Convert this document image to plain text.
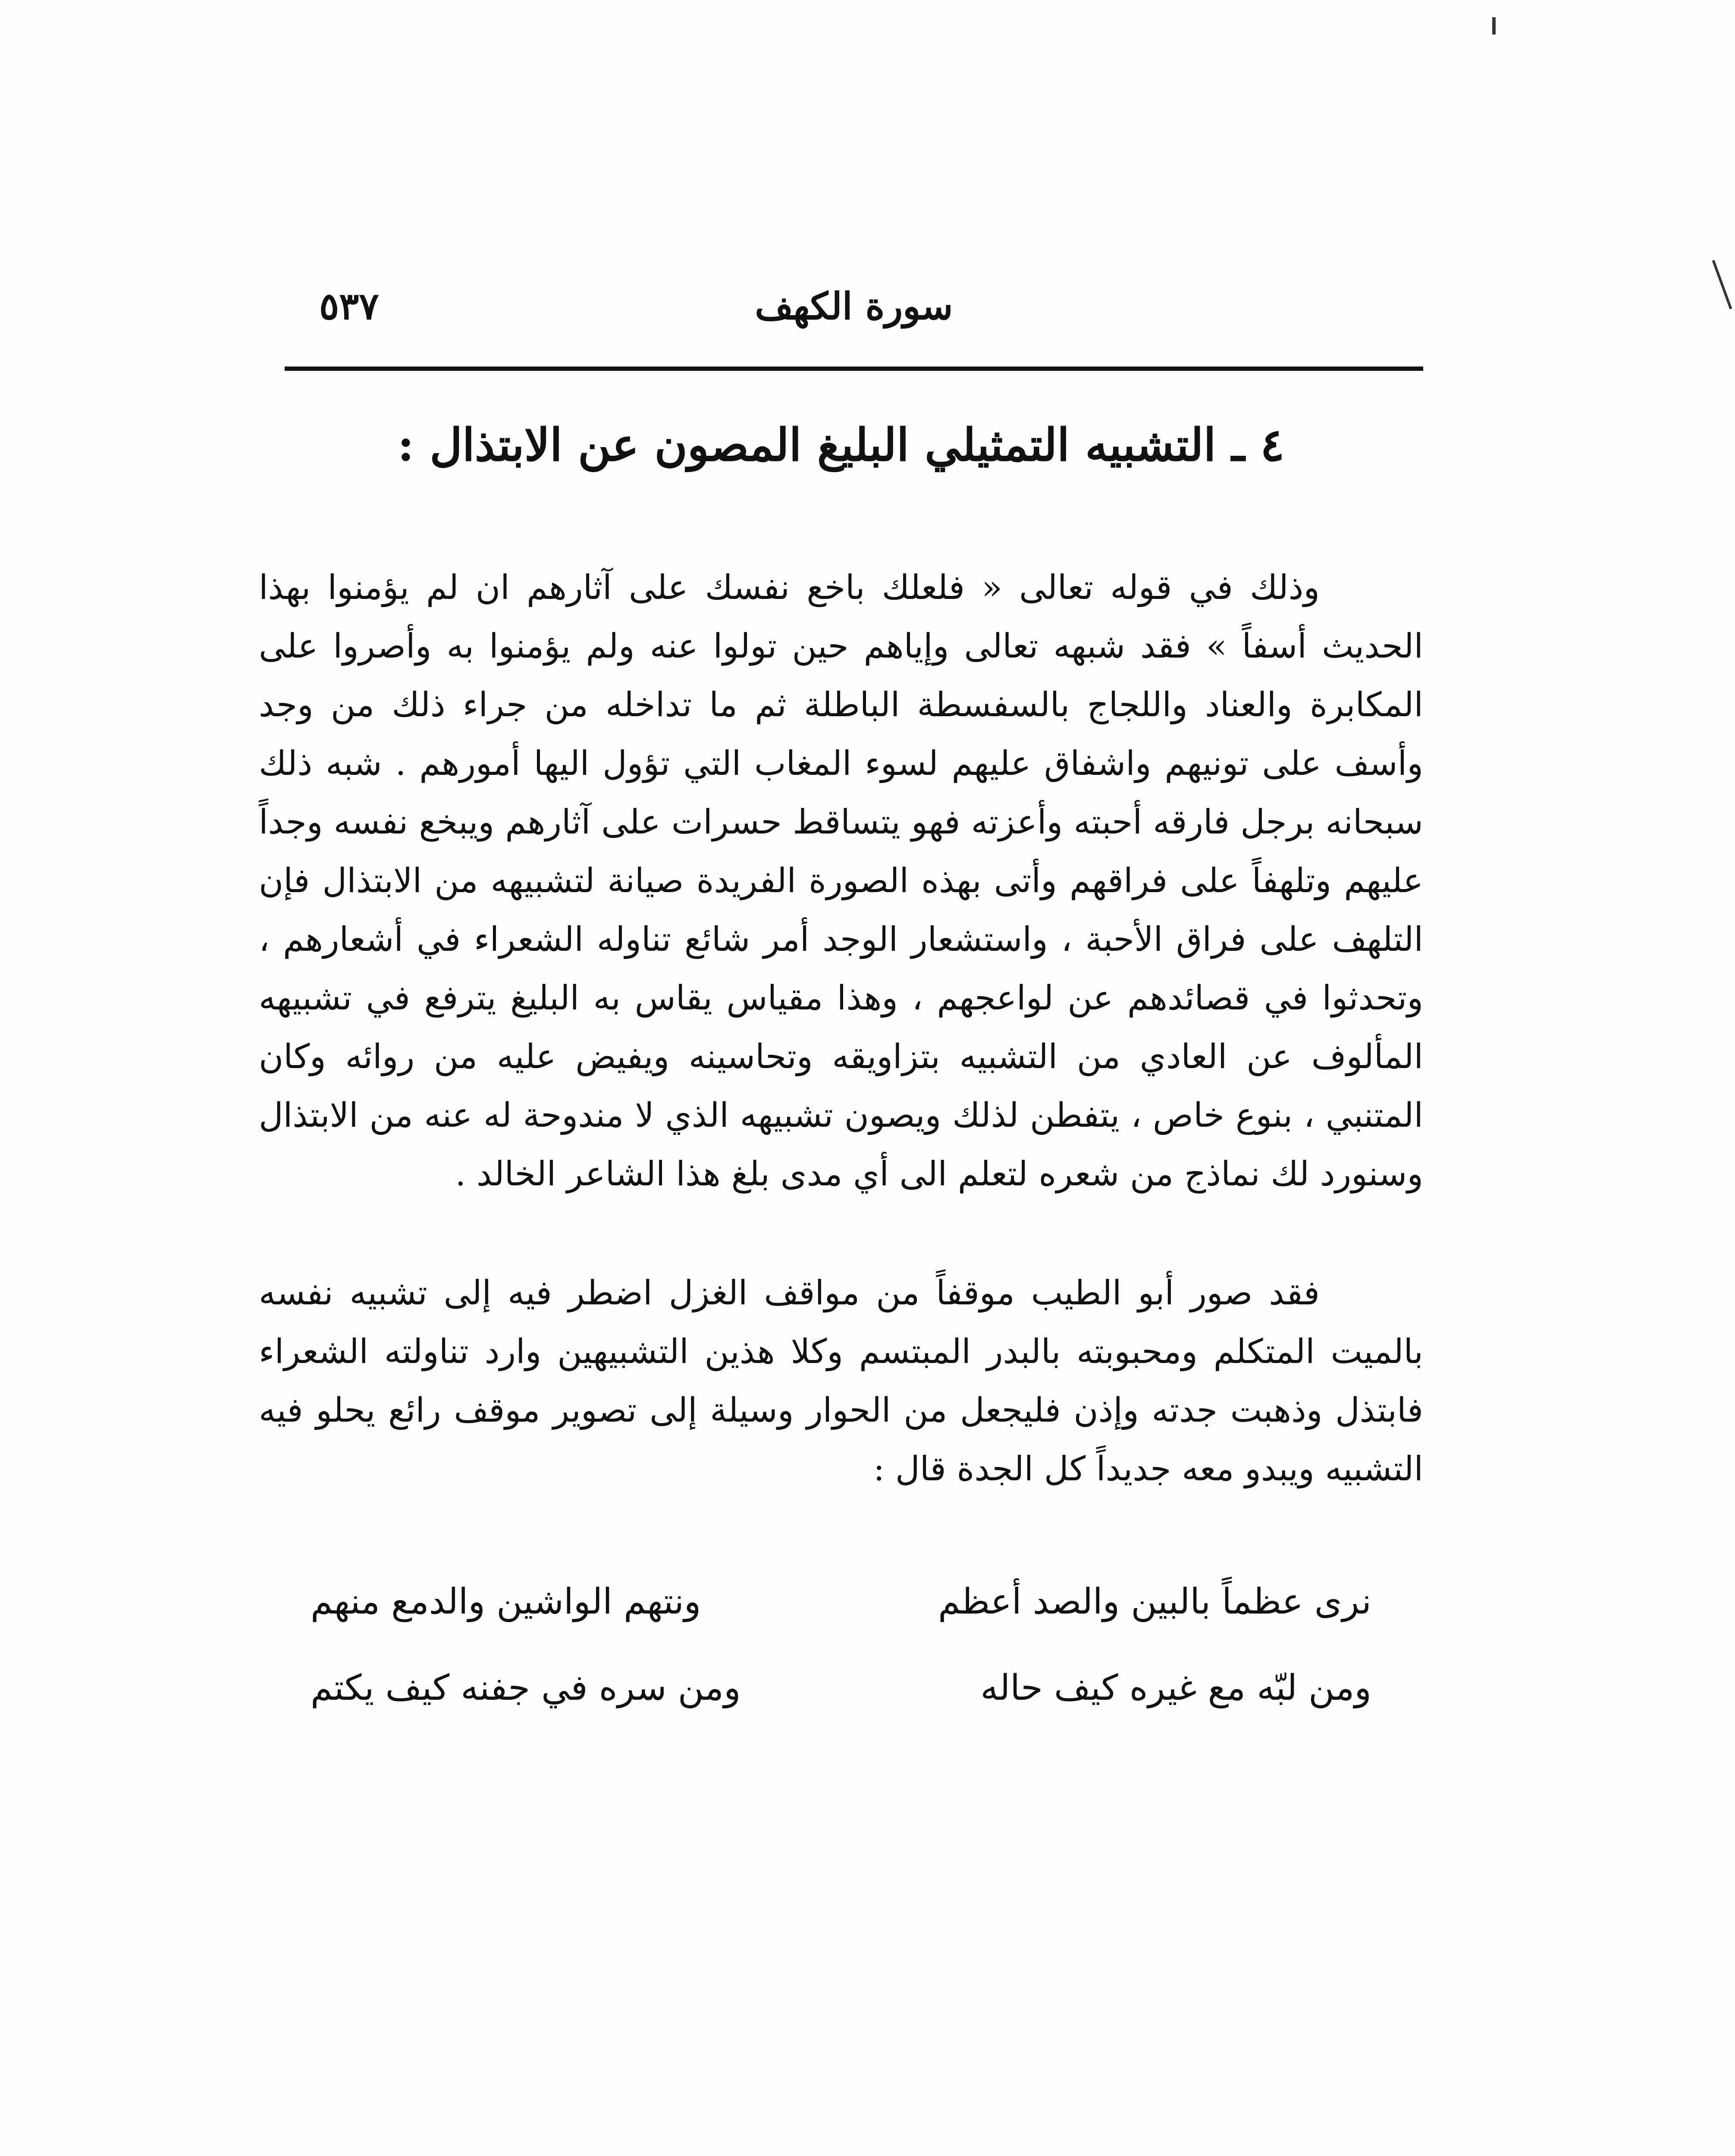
٥٣٧	سورة الكهف
٤ ـ التشبيه التمثيلي البليغ المصون عن الابتذال :

وذلك في قوله تعالى « فلعلك باخع نفسك على آثارهم ان لم يؤمنوا بهذا الحديث أسفاً » فقد شبهه تعالى وإياهم حين تولوا عنه ولم يؤمنوا به وأصروا على المكابرة والعناد واللجاج بالسفسطة الباطلة ثم ما تداخله من جراء ذلك من وجد وأسف على تونيهم واشفاق عليهم لسوء المغاب التي تؤول اليها أمورهم . شبه ذلك سبحانه برجل فارقه أحبته وأعزته فهو يتساقط حسرات على آثارهم ويبخع نفسه وجداً عليهم وتلهفاً على فراقهم وأتى بهذه الصورة الفريدة صيانة لتشبيهه من الابتذال فإن التلهف على فراق الأحبة ، واستشعار الوجد أمر شائع تناوله الشعراء في أشعارهم ، وتحدثوا في قصائدهم عن لواعجهم ، وهذا مقياس يقاس به البليغ يترفع في تشبيهه المألوف عن العادي من التشبيه بتزاويقه وتحاسينه ويفيض عليه من روائه وكان المتنبي ، بنوع خاص ، يتفطن لذلك ويصون تشبيهه الذي لا مندوحة له عنه من الابتذال وسنورد لك نماذج من شعره لتعلم الى أي مدى بلغ هذا الشاعر الخالد .

فقد صور أبو الطيب موقفاً من مواقف الغزل اضطر فيه إلى تشبيه نفسه بالميت المتكلم ومحبوبته بالبدر المبتسم وكلا هذين التشبيهين وارد تناولته الشعراء فابتذل وذهبت جدته وإذن فليجعل من الحوار وسيلة إلى تصوير موقف رائع يحلو فيه التشبيه ويبدو معه جديداً كل الجدة قال :

نرى عظماً بالبين والصد أعظم
ونتهم الواشين والدمع منهم
ومن لبّه مع غيره كيف حاله
ومن سره في جفنه كيف يكتم
